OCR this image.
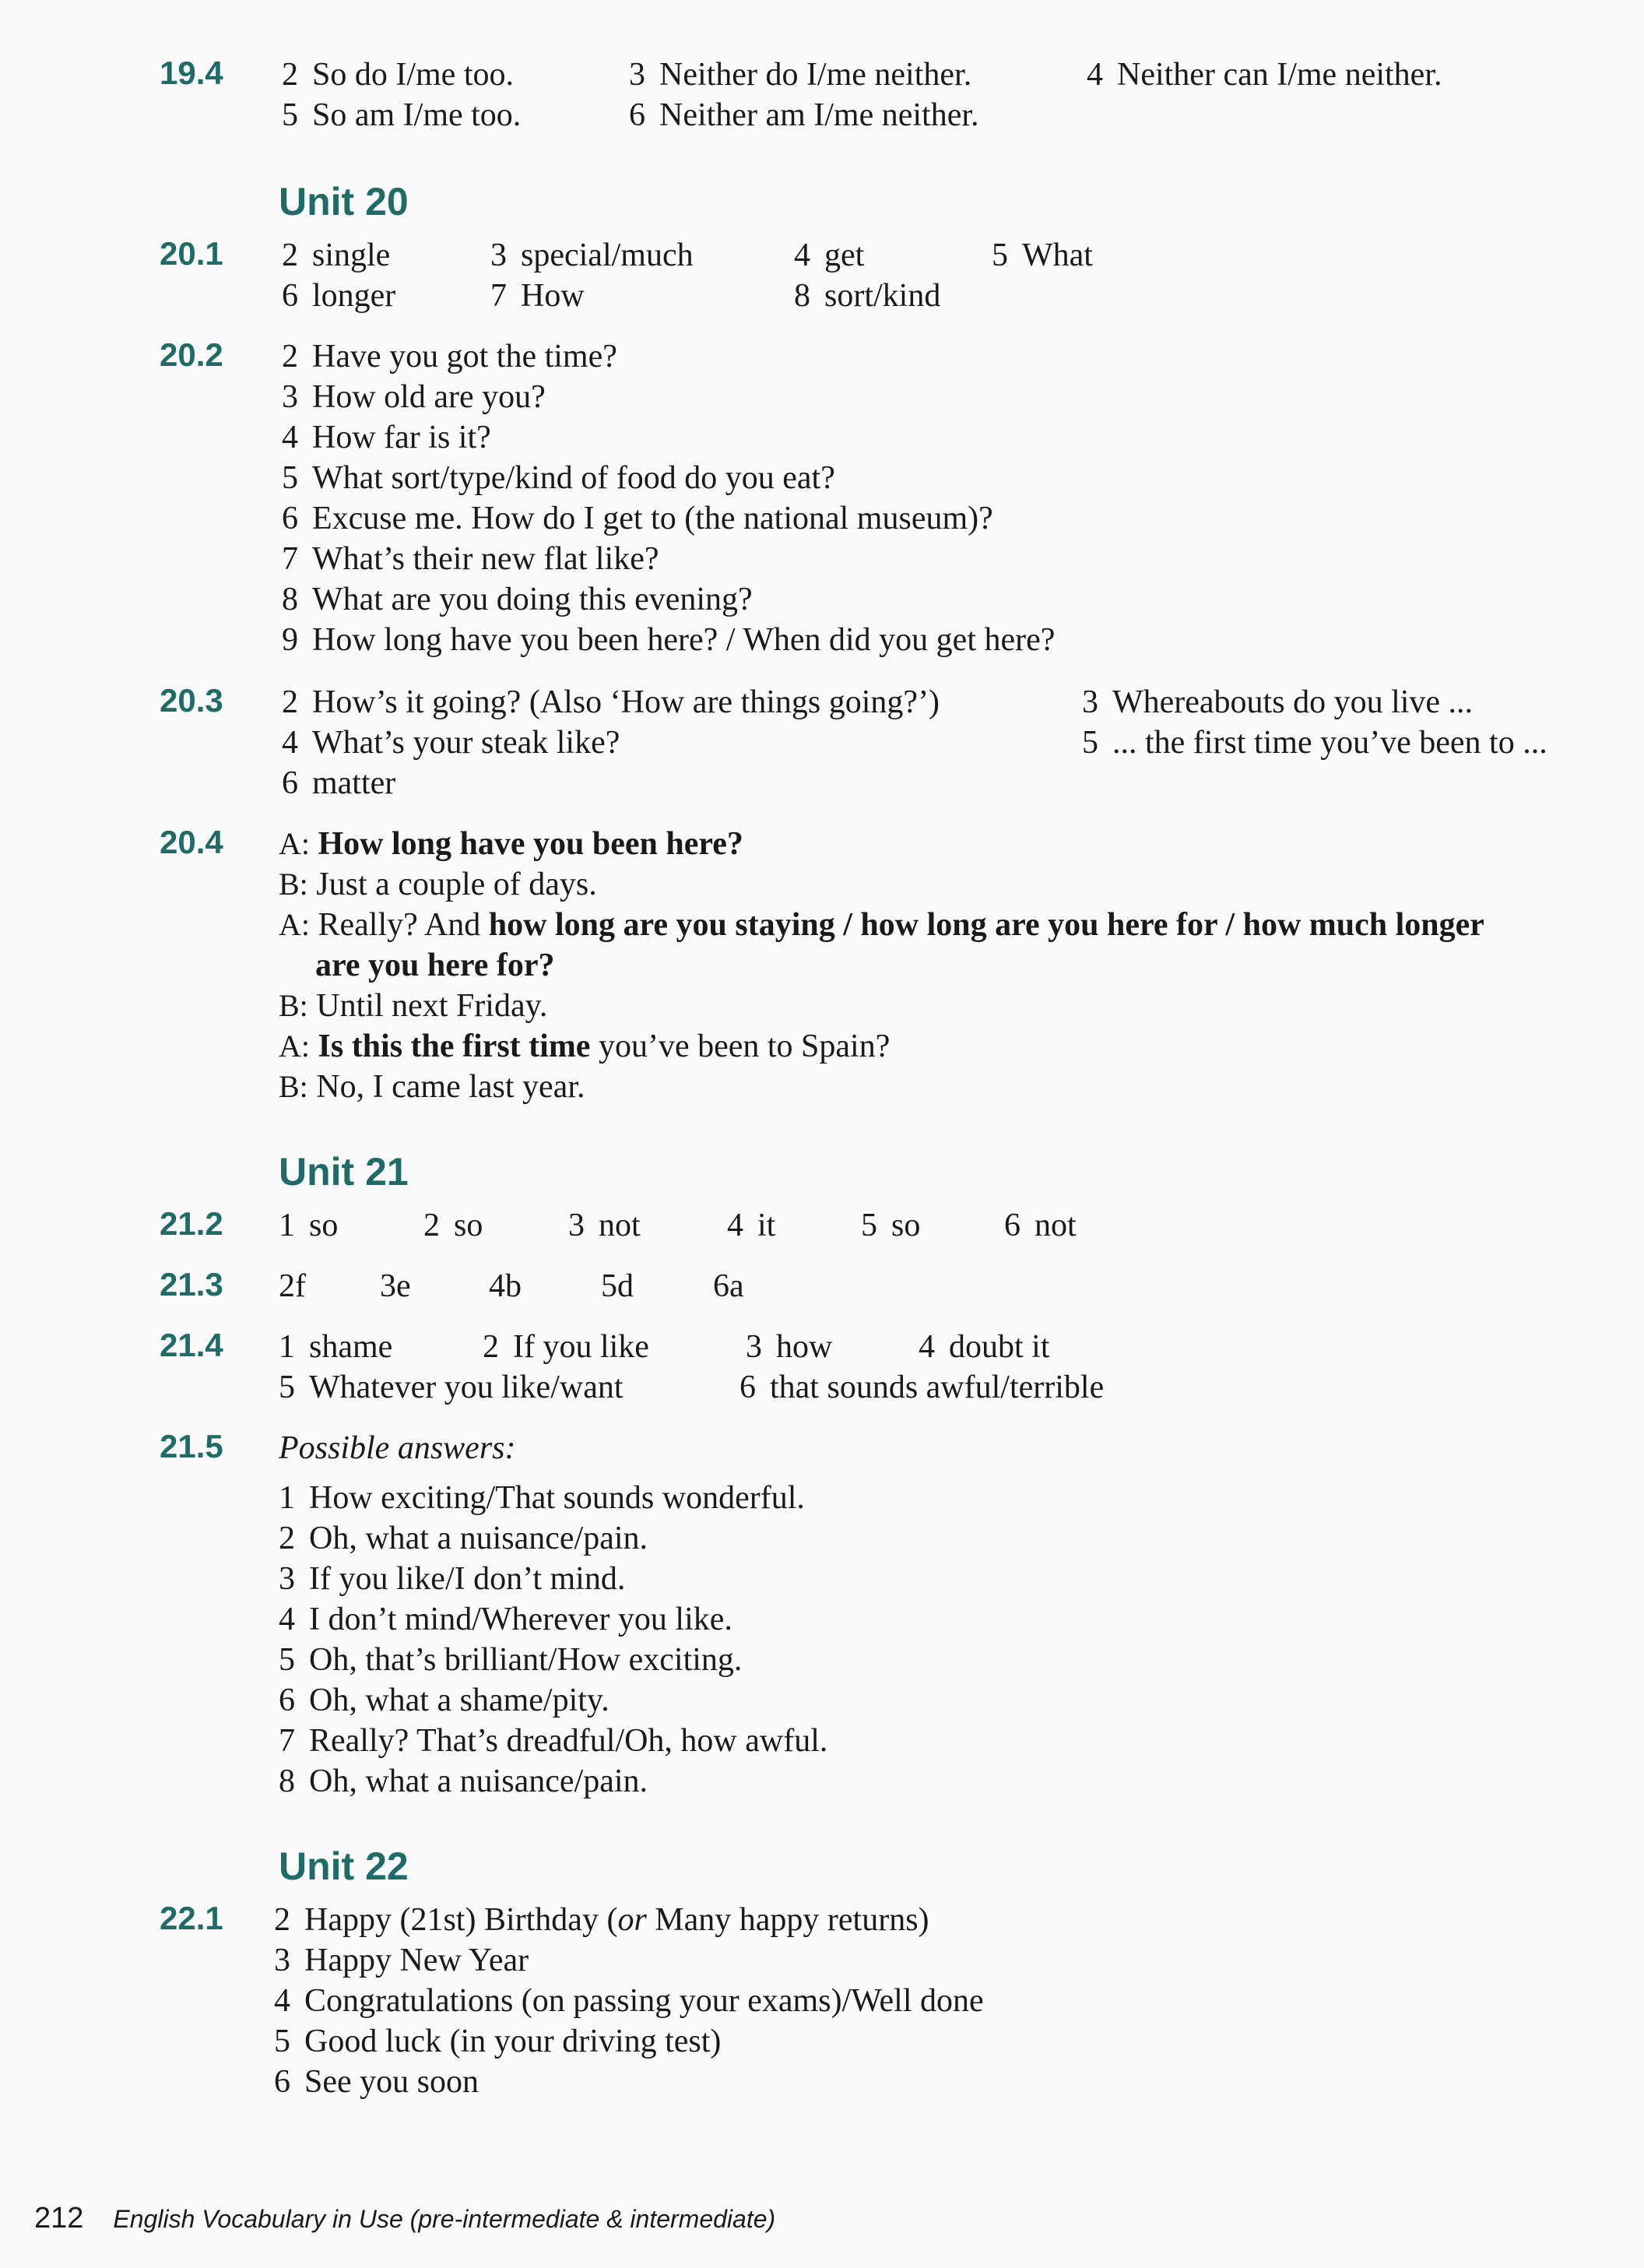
19.4 2 So do I/me too.	3 Neither do I/me neither.	4 Neither can I/me neither.
5 So am I/me too.	6 Neither am I/me neither.
Unit 20
20.1 2 single	3 special/much	4 get	5 What
6 longer	7 How	8 sort/kind
20.2 2 Have you got the time?
3 How old are you?
4 How far is it?
5 What sort/type/kind of food do you eat?
6 Excuse me. How do I get to (the national museum)?
7 What’s their new flat like?
8 What are you doing this evening?
9 How long have you been here? / When did you get here?
20.3 2 How’s it going? (Also ‘How are things going?’)	3 Whereabouts do you live ...
4 What’s your steak like?	5 ... the first time you’ve been to ...
6 matter
20.4 A: How long have you been here?
B: Just a couple of days.
A: Really? And how long are you staying / how long are you here for / how much longer
are you here for?
B: Until next Friday.
A: Is this the first time you’ve been to Spain?
B: No, I came last year.
Unit 21
21.2 1 so	2 so	3 not	4 it	5 so	6 not
21.3 2f 3e 4b 5d 6a
21.4 1 shame	2 If you like	3 how	4 doubt it
5 Whatever you like/want	6 that sounds awful/terrible
21.5 Possible answers:
1 How exciting/That sounds wonderful.
2 Oh, what a nuisance/pain.
3 If you like/I don’t mind.
4 I don’t mind/Wherever you like.
5 Oh, that’s brilliant/How exciting.
6 Oh, what a shame/pity.
7 Really? That’s dreadful/Oh, how awful.
8 Oh, what a nuisance/pain.
Unit 22
22.1 2 Happy (21st) Birthday (or Many happy returns)
3 Happy New Year
4 Congratulations (on passing your exams)/Well done
5 Good luck (in your driving test)
6 See you soon
212 English Vocabulary in Use (pre-intermediate & intermediate)
